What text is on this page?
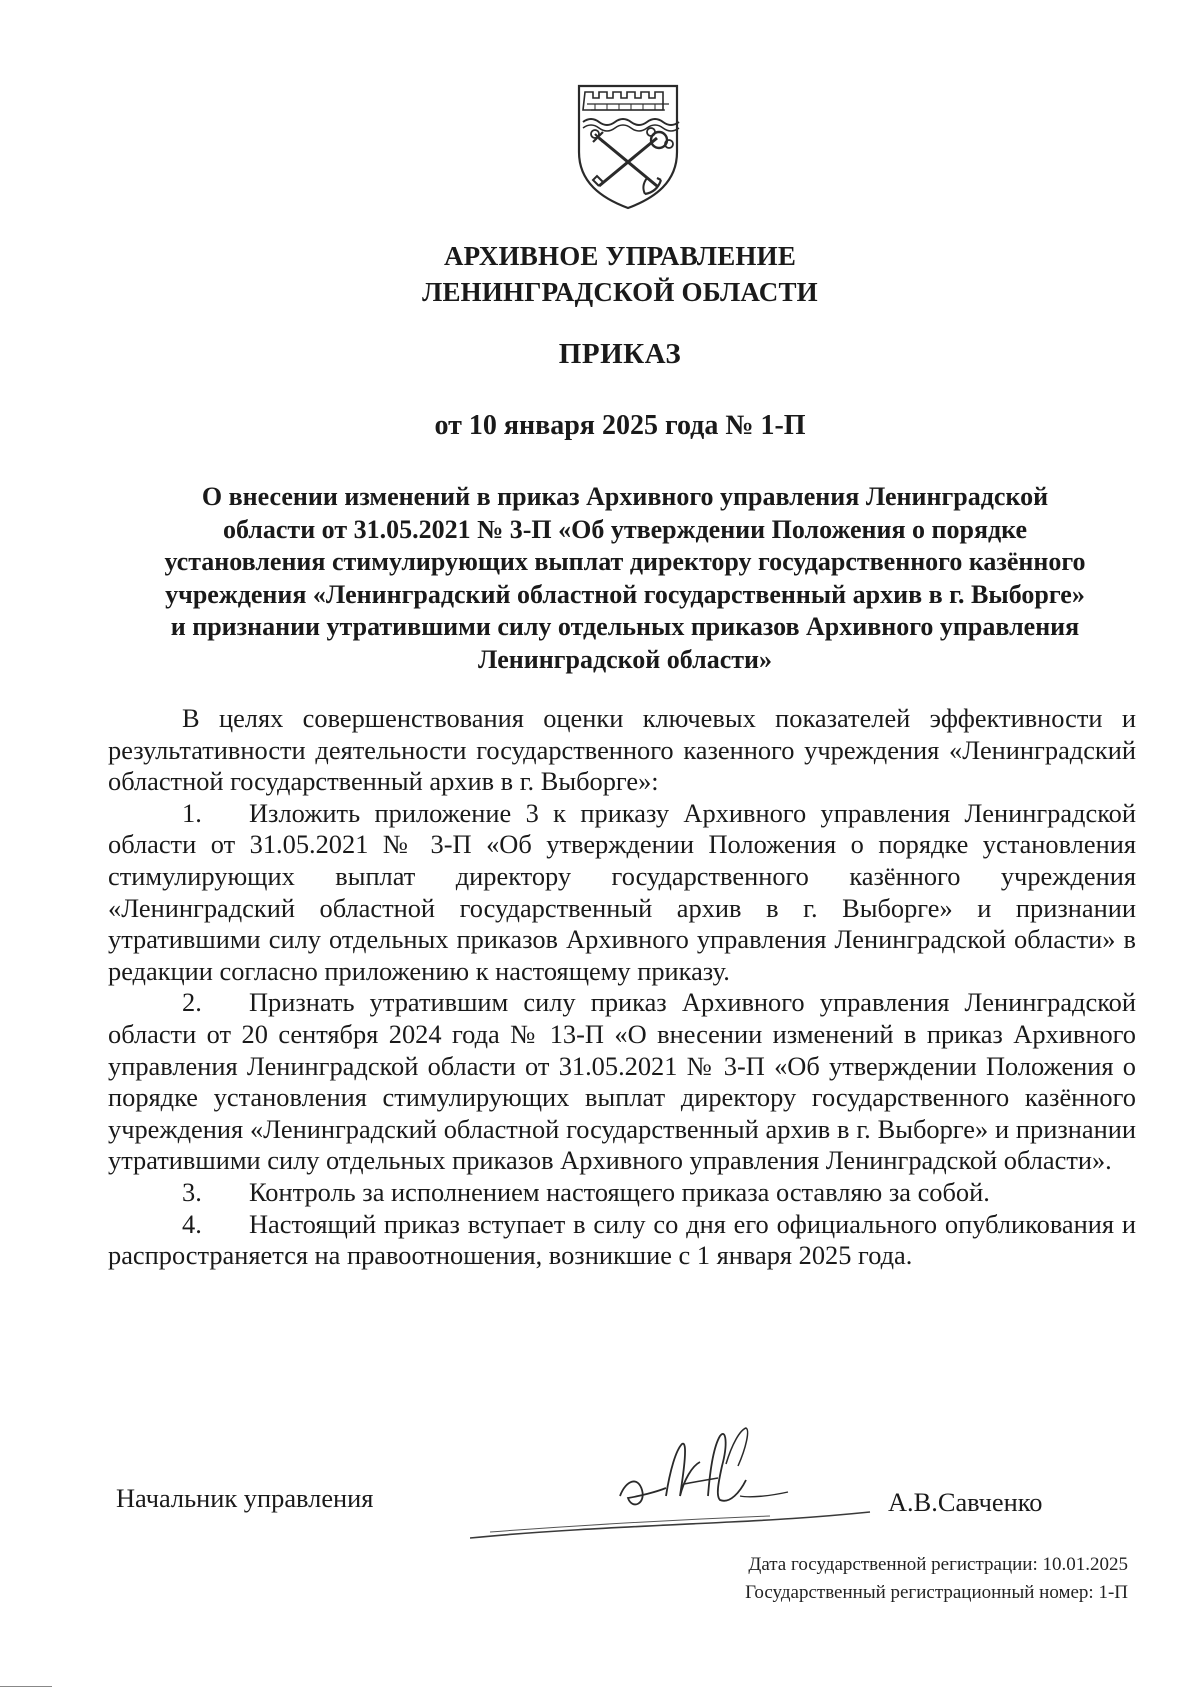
АРХИВНОЕ УПРАВЛЕНИЕ
ЛЕНИНГРАДСКОЙ ОБЛАСТИ
ПРИКАЗ
от 10 января 2025 года № 1-П
О внесении изменений в приказ Архивного управления Ленинградской
области от 31.05.2021 № 3-П «Об утверждении Положения о порядке
установления стимулирующих выплат директору государственного казённого
учреждения «Ленинградский областной государственный архив в г. Выборге»
и признании утратившими силу отдельных приказов Архивного управления
Ленинградской области»

В целях совершенствования оценки ключевых показателей эффективности и результативности деятельности государственного казенного учреждения «Ленинградский областной государственный архив в г. Выборге»:

1. Изложить приложение 3 к приказу Архивного управления Ленинградской области от 31.05.2021 № 3-П «Об утверждении Положения о порядке установления стимулирующих выплат директору государственного казённого учреждения «Ленинградский областной государственный архив в г. Выборге» и признании утратившими силу отдельных приказов Архивного управления Ленинградской области» в редакции согласно приложению к настоящему приказу.

2. Признать утратившим силу приказ Архивного управления Ленинградской области от 20 сентября 2024 года № 13-П «О внесении изменений в приказ Архивного управления Ленинградской области от 31.05.2021 № 3-П «Об утверждении Положения о порядке установления стимулирующих выплат директору государственного казённого учреждения «Ленинградский областной государственный архив в г. Выборге» и признании утратившими силу отдельных приказов Архивного управления Ленинградской области».

3. Контроль за исполнением настоящего приказа оставляю за собой.

4. Настоящий приказ вступает в силу со дня его официального опубликования и распространяется на правоотношения, возникшие с 1 января 2025 года.

Начальник управления	А.В.Савченко
Дата государственной регистрации: 10.01.2025
Государственный регистрационный номер: 1-П
